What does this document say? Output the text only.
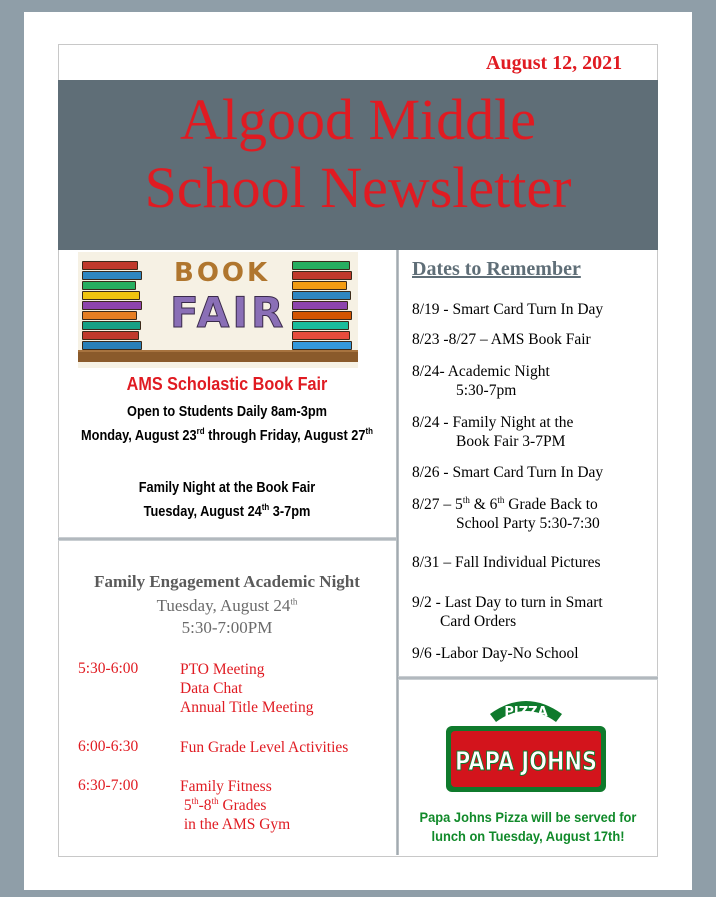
August 12, 2021
Algood Middle
School Newsletter
BOOK
FAIR
AMS Scholastic Book Fair
Open to Students Daily 8am-3pm
Monday, August 23rd through Friday, August 27th
Family Night at the Book Fair
Tuesday, August 24th 3-7pm
Family Engagement Academic Night
Tuesday, August 24th
5:30-7:00PM
5:30-6:00	PTO Meeting
Data Chat
Annual Title Meeting
6:00-6:30	Fun Grade Level Activities
6:30-7:00	Family Fitness
5th-8th Grades
in the AMS Gym
Dates to Remember
8/19 - Smart Card Turn In Day
8/23 -8/27 – AMS Book Fair
8/24- Academic Night
5:30-7pm
8/24 - Family Night at the
Book Fair 3-7PM
8/26 - Smart Card Turn In Day
8/27 – 5th & 6th Grade Back to
School Party 5:30-7:30
8/31 – Fall Individual Pictures
9/2 - Last Day to turn in Smart
Card Orders
9/6 -Labor Day-No School
PIZZA
PAPA JOHNS
Papa Johns Pizza will be served for
lunch on Tuesday, August 17th!
